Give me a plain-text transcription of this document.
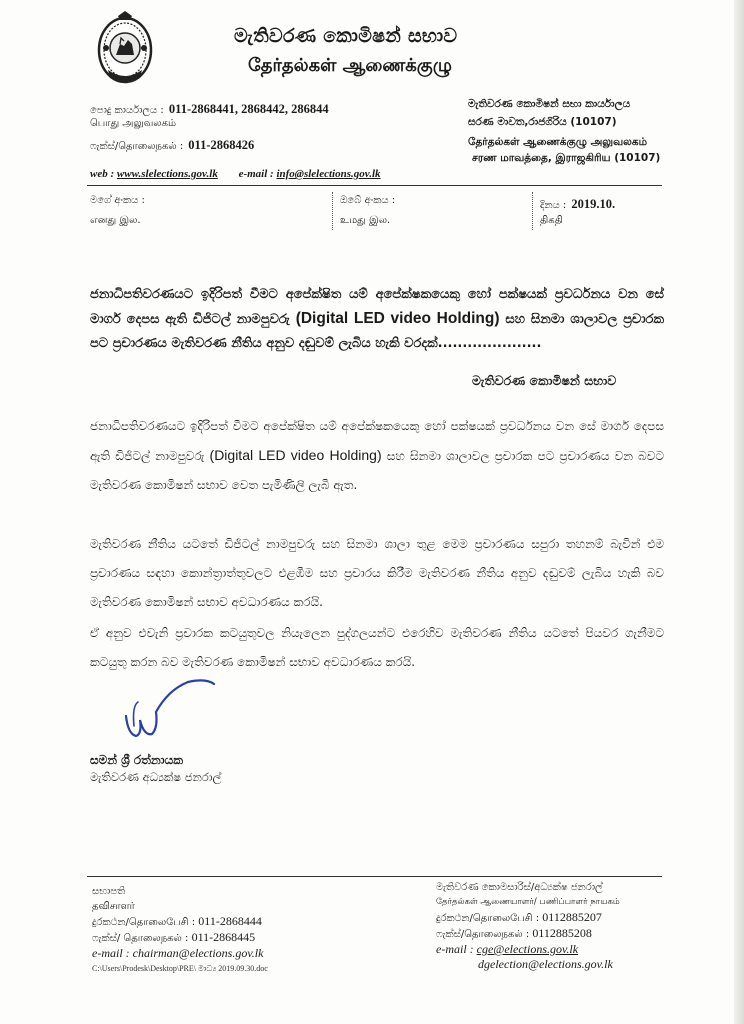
මැතිවරණ කොමිෂන් සභාව
தேர்தல்கள் ஆணைக்குழு
පොදු කාර්යාලය : 011-2868441, 2868442, 286844
பொது அலுவலகம்
ෆැක්ස්/தொலைநகல் : 011-2868426
මැතිවරණ කොමිෂන් සභා කාර්යාලය
සරණ මාවත,රාජගිරිය (10107)
தேர்தல்கள் ஆணைக்குழு அலுவலகம்
சரண மாவத்தை, இராஜகிரிய (10107)
web : www.slelections.gov.lk e-mail : info@slelections.gov.lk
මගේ අංකය :
எனது இல.
ඔබේ අංකය :
உமது இல.
දිනය : 2019.10.
திகதி
ජනාධිපතිවරණයට ඉදිරිපත් වීමට අපේක්ෂිත යම් අපේක්ෂකයෙකු හෝ පක්ෂයක් ප්‍රවර්ධනය වන සේ මාර්ග දෙපස ඇති ඩිජිටල් නාමපුවරු (Digital LED video Holding) සහ සිනමා ශාලාවල ප්‍රචාරක පට ප්‍රචාරණය මැතිවරණ නීතිය අනුව දඬුවම් ලැබිය හැකි වරදක්.....................
මැතිවරණ කොමිෂන් සභාව
ජනාධිපතිවරණයට ඉදිරිපත් වීමට අපේක්ෂිත යම් අපේක්ෂකයෙකු හෝ පක්ෂයක් ප්‍රවර්ධනය වන සේ මාර්ග දෙපස ඇති ඩිජිටල් නාමපුවරු (Digital LED video Holding) සහ සිනමා ශාලාවල ප්‍රචාරක පට ප්‍රචාරණය වන බවට මැතිවරණ කොමිෂන් සභාව වෙත පැමිණිලි ලැබී ඇත.
මැතිවරණ නීතිය යටතේ ඩිජිටල් නාමපුවරු සහ සිනමා ශාලා තුළ මෙම ප්‍රචාරණය සපුරා තහනම් බැවින් එම ප්‍රචාරණය සඳහා කොන්ත්‍රාත්තුවලට එළඹීම සහ ප්‍රචාරය කිරීම මැතිවරණ නීතිය අනුව දඬුවම් ලැබිය හැකි බව මැතිවරණ කොමිෂන් සභාව අවධාරණය කරයි.
ඒ අනුව එවැනි ප්‍රචාරක කටයුතුවල නියැලෙන පුද්ගලයන්ට එරෙහිව මැතිවරණ නීතිය යටතේ පියවර ගැනීමට කටයුතු කරන බව මැතිවරණ කොමිෂන් සභාව අවධාරණය කරයි.
සමන් ශ්‍රී රත්නායක
මැතිවරණ අධ්‍යක්ෂ ජනරාල්
සභාපති
தவிசாளர்
දුරකථන/தொலைபேசி : 011-2868444
ෆැක්ස්/ தொலைநகல் : 011-2868445
e-mail : chairman@elections.gov.lk
C:\Users\Prodesk\Desktop\PRE\ මාධ්‍ය 2019.09.30.doc
මැතිවරණ කොමසාරිස්/අධ්‍යක්ෂ ජනරාල්
தேர்தல்கள் ஆணையாளர்/ பணிப்பாளர் நாயகம்
දුරකථන/தொலைபேசி : 0112885207
ෆැක්ස්/தொலைநகல் : 0112885208
e-mail : cge@elections.gov.lk
dgelection@elections.gov.lk
